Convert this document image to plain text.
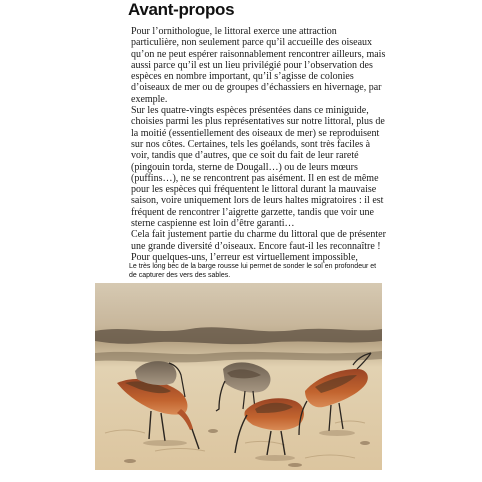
Avant-propos
Pour l’ornithologue, le littoral exerce une attraction particulière, non seulement parce qu’il accueille des oiseaux qu’on ne peut espérer raisonnablement rencontrer ailleurs, mais aussi parce qu’il est un lieu privilégié pour l’observation des espèces en nombre important, qu’il s’agisse de colonies d’oiseaux de mer ou de groupes d’échassiers en hivernage, par exemple.
Sur les quatre-vingts espèces présentées dans ce miniguide, choisies parmi les plus représentatives sur notre littoral, plus de la moitié (essentiellement des oiseaux de mer) se reproduisent sur nos côtes. Certaines, tels les goélands, sont très faciles à voir, tandis que d’autres, que ce soit du fait de leur rareté (pingouin torda, sterne de Dougall…) ou de leurs mœurs (puffins…), ne se rencontrent pas aisément. Il en est de même pour les espèces qui fréquentent le littoral durant la mauvaise saison, voire uniquement lors de leurs haltes migratoires : il est fréquent de rencontrer l’aigrette garzette, tandis que voir une sterne caspienne est loin d’être garanti…
Cela fait justement partie du charme du littoral que de présenter une grande diversité d’oiseaux. Encore faut-il les reconnaître ! Pour quelques-uns, l’erreur est virtuellement impossible,
Le très long bec de la barge rousse lui permet de sonder le sol en profondeur et de capturer des vers des sables.
